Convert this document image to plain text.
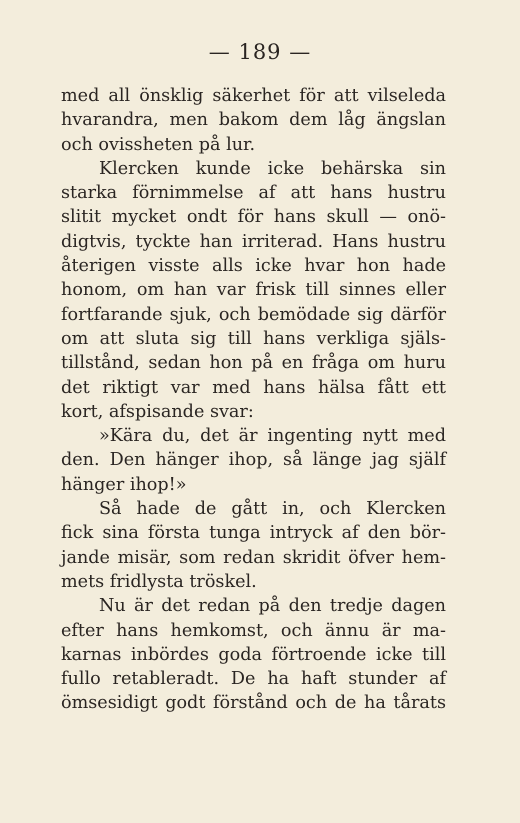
— 189 —
med all önsklig säkerhet för att vilseleda
hvarandra, men bakom dem låg ängslan
och ovissheten på lur.
Klercken kunde icke behärska sin
starka förnimmelse af att hans hustru
slitit mycket ondt för hans skull — onö-
digtvis, tyckte han irriterad. Hans hustru
återigen visste alls icke hvar hon hade
honom, om han var frisk till sinnes eller
fortfarande sjuk, och bemödade sig därför
om att sluta sig till hans verkliga själs-
tillstånd, sedan hon på en fråga om huru
det riktigt var med hans hälsa fått ett
kort, afspisande svar:
»Kära du, det är ingenting nytt med
den. Den hänger ihop, så länge jag själf
hänger ihop!»
Så hade de gått in, och Klercken
fick sina första tunga intryck af den bör-
jande misär, som redan skridit öfver hem-
mets fridlysta tröskel.
Nu är det redan på den tredje dagen
efter hans hemkomst, och ännu är ma-
karnas inbördes goda förtroende icke till
fullo retableradt. De ha haft stunder af
ömsesidigt godt förstånd och de ha tårats
